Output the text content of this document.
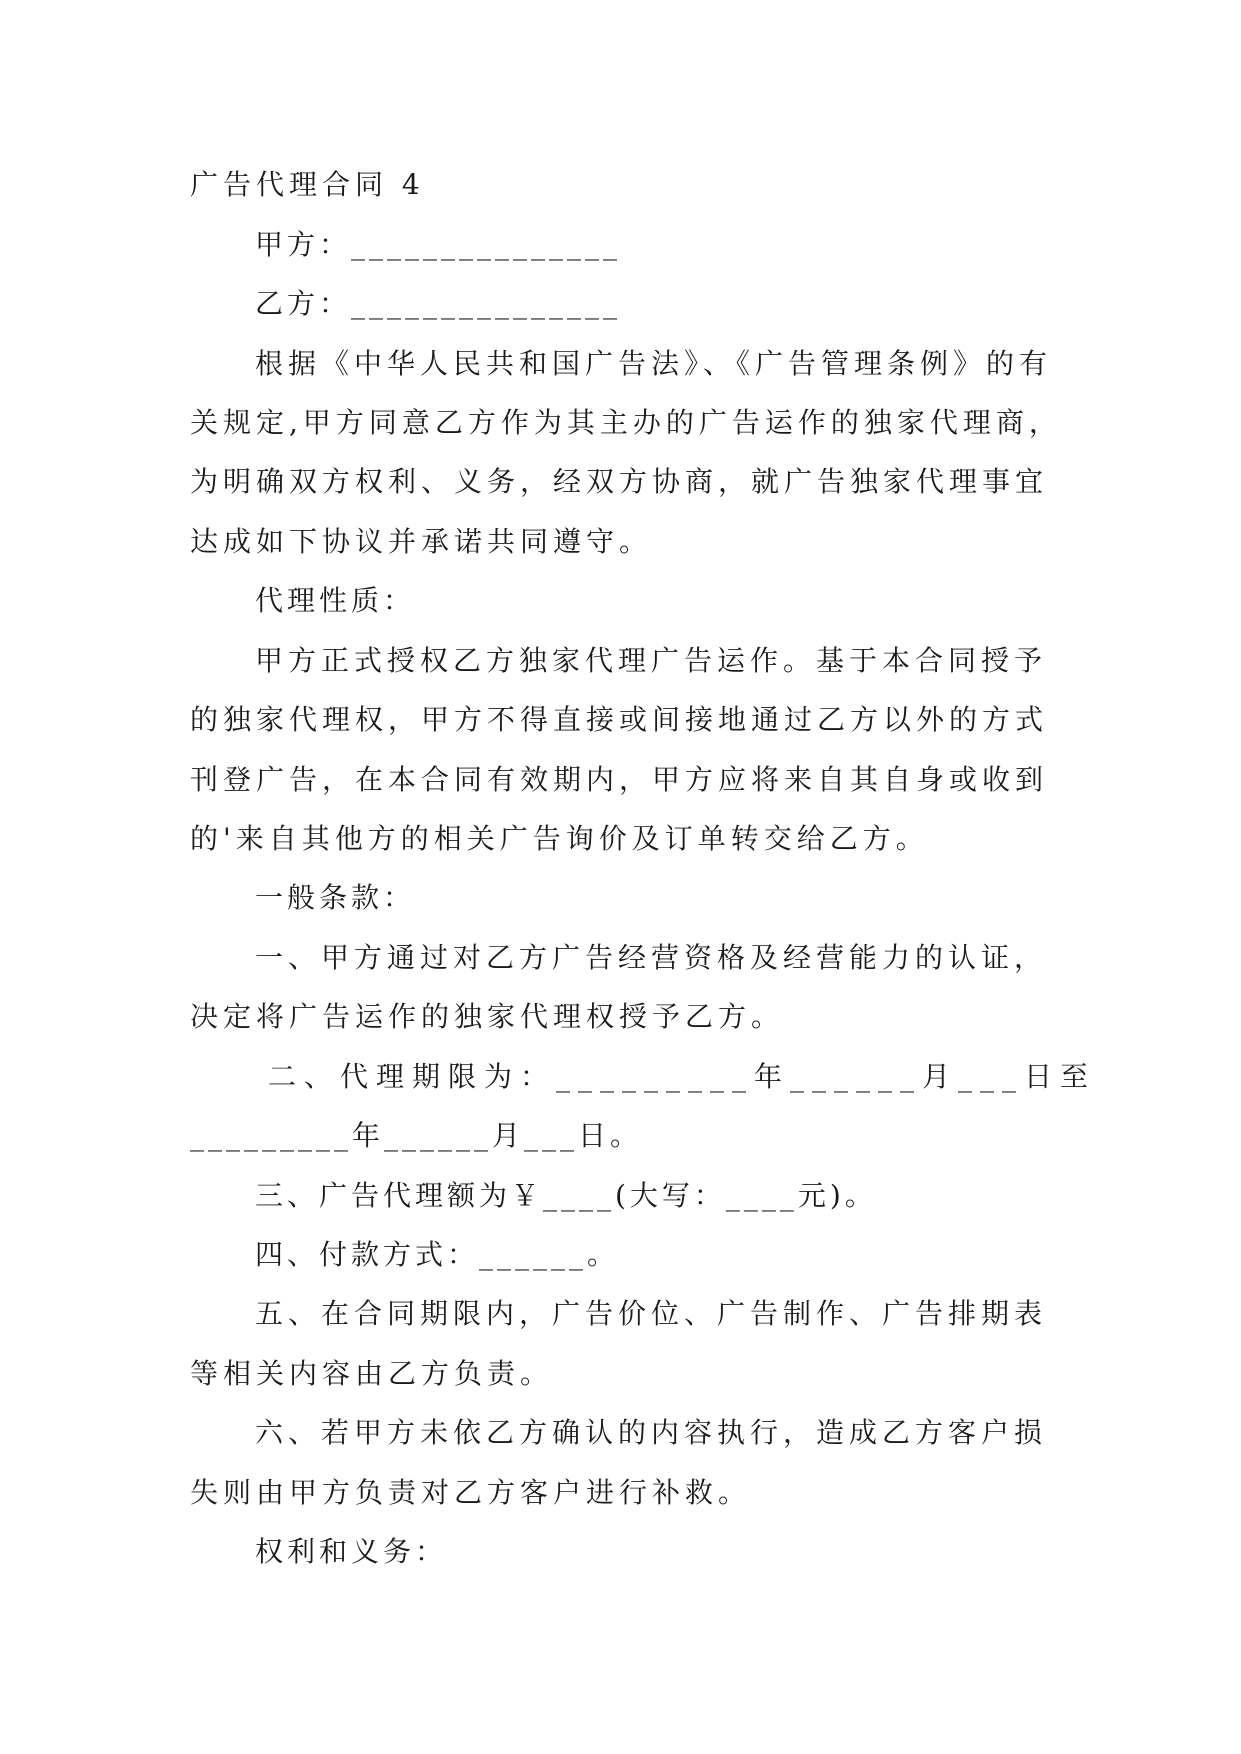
广告代理合同 4
甲方：_______________
乙方：_______________
根据《中华人民共和国广告法》、《广告管理条例》的有
关规定,甲方同意乙方作为其主办的广告运作的独家代理商，
为明确双方权利、义务，经双方协商，就广告独家代理事宜
达成如下协议并承诺共同遵守。
代理性质：
甲方正式授权乙方独家代理广告运作。基于本合同授予
的独家代理权，甲方不得直接或间接地通过乙方以外的方式
刊登广告，在本合同有效期内，甲方应将来自其自身或收到
的'来自其他方的相关广告询价及订单转交给乙方。
一般条款：
一、甲方通过对乙方广告经营资格及经营能力的认证，
决定将广告运作的独家代理权授予乙方。
二、代理期限为：_________年______月___日至
_________年______月___日。
三、广告代理额为￥____(大写：____元)。
四、付款方式：______。
五、在合同期限内，广告价位、广告制作、广告排期表
等相关内容由乙方负责。
六、若甲方未依乙方确认的内容执行，造成乙方客户损
失则由甲方负责对乙方客户进行补救。
权利和义务：
